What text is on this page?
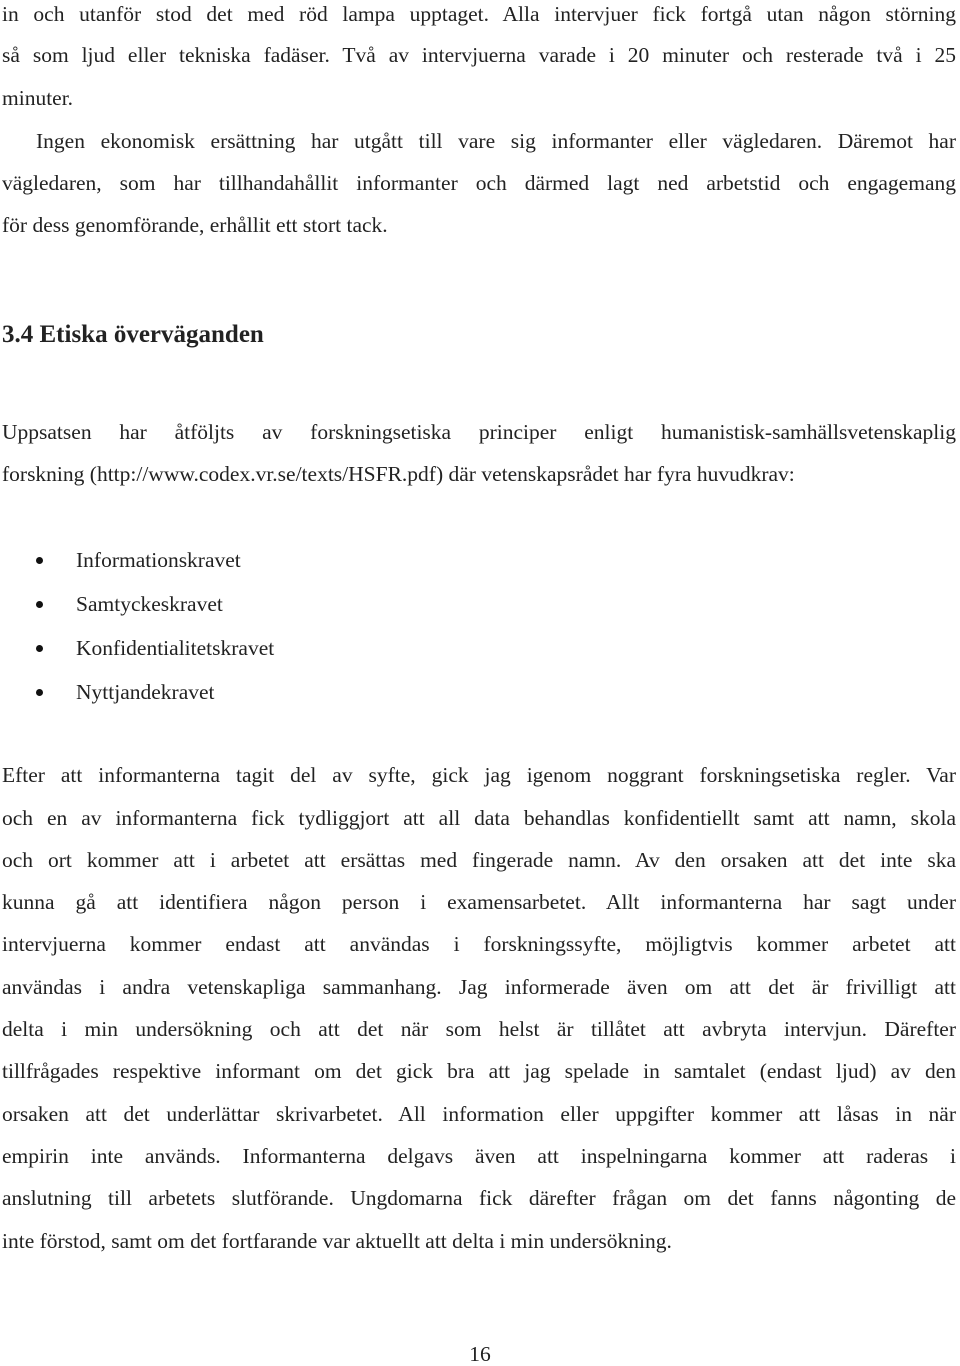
in och utanför stod det med röd lampa upptaget. Alla intervjuer fick fortgå utan någon störning
så som ljud eller tekniska fadäser. Två av intervjuerna varade i 20 minuter och resterade två i 25
minuter.
Ingen ekonomisk ersättning har utgått till vare sig informanter eller vägledaren. Däremot har
vägledaren, som har tillhandahållit informanter och därmed lagt ned arbetstid och engagemang
för dess genomförande, erhållit ett stort tack.
3.4 Etiska överväganden
Uppsatsen har åtföljts av forskningsetiska principer enligt humanistisk-samhällsvetenskaplig
forskning (http://www.codex.vr.se/texts/HSFR.pdf) där vetenskapsrådet har fyra huvudkrav:
Informationskravet
Samtyckeskravet
Konfidentialitetskravet
Nyttjandekravet
Efter att informanterna tagit del av syfte, gick jag igenom noggrant forskningsetiska regler. Var
och en av informanterna fick tydliggjort att all data behandlas konfidentiellt samt att namn, skola
och ort kommer att i arbetet att ersättas med fingerade namn. Av den orsaken att det inte ska
kunna gå att identifiera någon person i examensarbetet. Allt informanterna har sagt under
intervjuerna kommer endast att användas i forskningssyfte, möjligtvis kommer arbetet att
användas i andra vetenskapliga sammanhang. Jag informerade även om att det är frivilligt att
delta i min undersökning och att det när som helst är tillåtet att avbryta intervjun. Därefter
tillfrågades respektive informant om det gick bra att jag spelade in samtalet (endast ljud) av den
orsaken att det underlättar skrivarbetet. All information eller uppgifter kommer att låsas in när
empirin inte används. Informanterna delgavs även att inspelningarna kommer att raderas i
anslutning till arbetets slutförande. Ungdomarna fick därefter frågan om det fanns någonting de
inte förstod, samt om det fortfarande var aktuellt att delta i min undersökning.
16
